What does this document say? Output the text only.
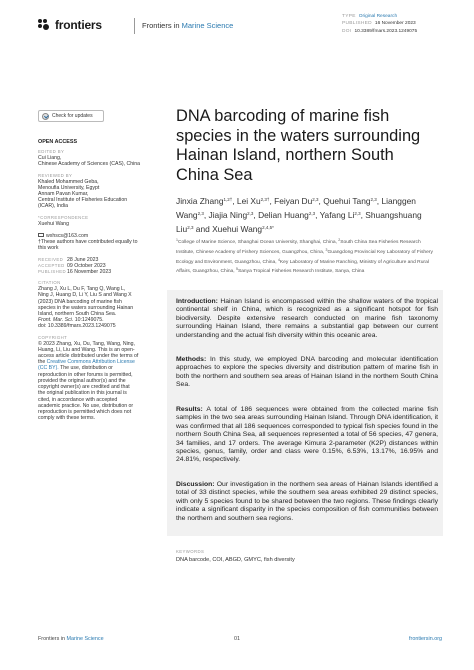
frontiers	Frontiers in Marine Science
TYPE Original Research
PUBLISHED 16 November 2023
DOI 10.3389/fmars.2023.1249075
Check for updates
OPEN ACCESS
EDITED BY
Cui Liang,
Chinese Academy of Sciences (CAS), China
REVIEWED BY
Khaled Mohammed Geba,
Menoufia University, Egypt
Annam Pavan Kumar,
Central Institute of Fisheries Education
(ICAR), India
*CORRESPONDENCE
Xuehui Wang

wxhscs@163.com

†These authors have contributed equally to
this work
RECEIVED 28 June 2023
ACCEPTED 09 October 2023
PUBLISHED 16 November 2023
CITATION
Zhang J, Xu L, Du F, Tang Q, Wang L,
Ning J, Huang D, Li Y, Liu S and Wang X
(2023) DNA barcoding of marine fish
species in the waters surrounding Hainan
Island, northern South China Sea.
Front. Mar. Sci. 10:1249075.
doi: 10.3389/fmars.2023.1249075
COPYRIGHT
© 2023 Zhang, Xu, Du, Tang, Wang, Ning,
Huang, Li, Liu and Wang. This is an open-
access article distributed under the terms of
the Creative Commons Attribution License
(CC BY). The use, distribution or
reproduction in other forums is permitted,
provided the original author(s) and the
copyright owner(s) are credited and that
the original publication in this journal is
cited, in accordance with accepted
academic practice. No use, distribution or
reproduction is permitted which does not
comply with these terms.
DNA barcoding of marine fish species in the waters surrounding Hainan Island, northern South China Sea
Jinxia Zhang$^{1,2\dagger}$, Lei $Xu^{2,3\dagger}$, Feiyan Du$^{2,3}$, Quehui Tang$^{2,3}$, Lianggen Wang$^{2,3}$, Jiajia Ning$^{2,3}$, Delian Huang$^{2,3}$, Yafang Li$^{2,3}$, Shuangshuang Liu$^{2,3}$ and Xuehui Wang$^{2,4,5*}$
$^1$College of Marine Science, Shanghai Ocean University, Shanghai, China, $^2$South China Sea Fisheries Research Institute, Chinese Academy of Fishery Sciences, Guangzhou, China, $^3$Guangdong Provincial Key Laboratory of Fishery Ecology and Environment, Guangzhou, China, $^4$Key Laboratory of Marine Ranching, Ministry of Agriculture and Rural Affairs, Guangzhou, China, $^5$Sanya Tropical Fisheries Research Institute, Sanya, China

Introduction: Hainan Island is encompassed within the shallow waters of the tropical continental shelf in China, which is recognized as a significant hotspot for fish biodiversity. Despite extensive research conducted on marine fish taxonomy surrounding Hainan Island, there remains a substantial gap between our current understanding and the actual fish diversity within this oceanic area.

Methods: In this study, we employed DNA barcoding and molecular identification approaches to explore the species diversity and distribution pattern of marine fish in both the northern and southern sea areas of Hainan Island in the northern South China Sea.

Results: A total of 186 sequences were obtained from the collected marine fish samples in the two sea areas surrounding Hainan Island. Through DNA identification, it was confirmed that all 186 sequences corresponded to typical fish species found in the northern South China Sea, all sequences represented a total of 56 species, 47 genera, 34 families, and 17 orders. The average Kimura 2-parameter (K2P) distances within species, genus, family, order and class were 0.15%, 6.53%, 13.17%, 16.95% and 24.81%, respectively.

Discussion: Our investigation in the northern sea areas of Hainan Islands identified a total of 33 distinct species, while the southern sea areas exhibited 29 distinct species, with only 5 species found to be shared between the two regions. These findings clearly indicate a significant disparity in the species composition of fish communities between the northern and southern sea regions.

KEYWORDS
DNA barcode, COI, ABGD, GMYC, fish diversity
Frontiers in Marine Science	01	frontiersin.org
